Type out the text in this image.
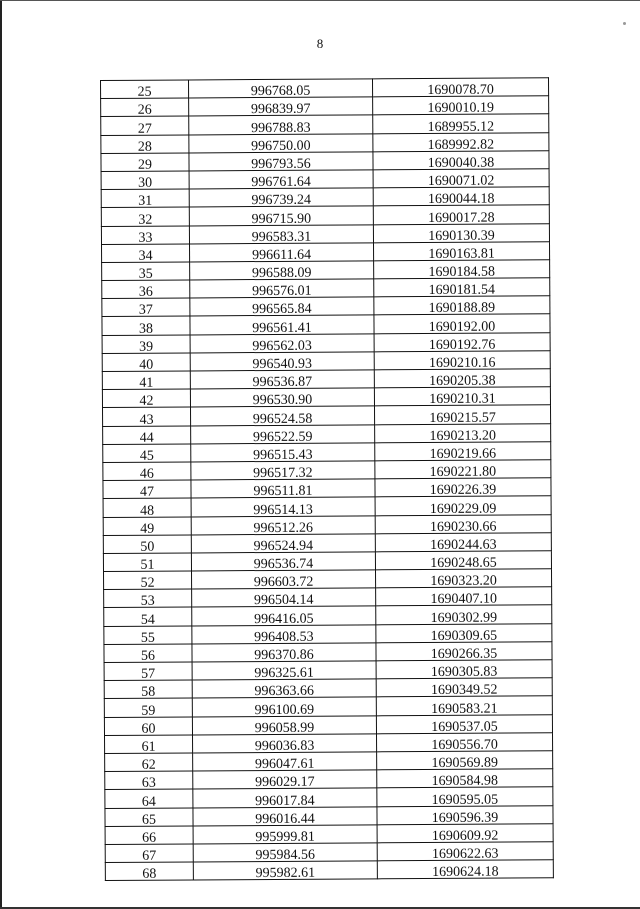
8
25	996768.05	1690078.70
26	996839.97	1690010.19
27	996788.83	1689955.12
28	996750.00	1689992.82
29	996793.56	1690040.38
30	996761.64	1690071.02
31	996739.24	1690044.18
32	996715.90	1690017.28
33	996583.31	1690130.39
34	996611.64	1690163.81
35	996588.09	1690184.58
36	996576.01	1690181.54
37	996565.84	1690188.89
38	996561.41	1690192.00
39	996562.03	1690192.76
40	996540.93	1690210.16
41	996536.87	1690205.38
42	996530.90	1690210.31
43	996524.58	1690215.57
44	996522.59	1690213.20
45	996515.43	1690219.66
46	996517.32	1690221.80
47	996511.81	1690226.39
48	996514.13	1690229.09
49	996512.26	1690230.66
50	996524.94	1690244.63
51	996536.74	1690248.65
52	996603.72	1690323.20
53	996504.14	1690407.10
54	996416.05	1690302.99
55	996408.53	1690309.65
56	996370.86	1690266.35
57	996325.61	1690305.83
58	996363.66	1690349.52
59	996100.69	1690583.21
60	996058.99	1690537.05
61	996036.83	1690556.70
62	996047.61	1690569.89
63	996029.17	1690584.98
64	996017.84	1690595.05
65	996016.44	1690596.39
66	995999.81	1690609.92
67	995984.56	1690622.63
68	995982.61	1690624.18
